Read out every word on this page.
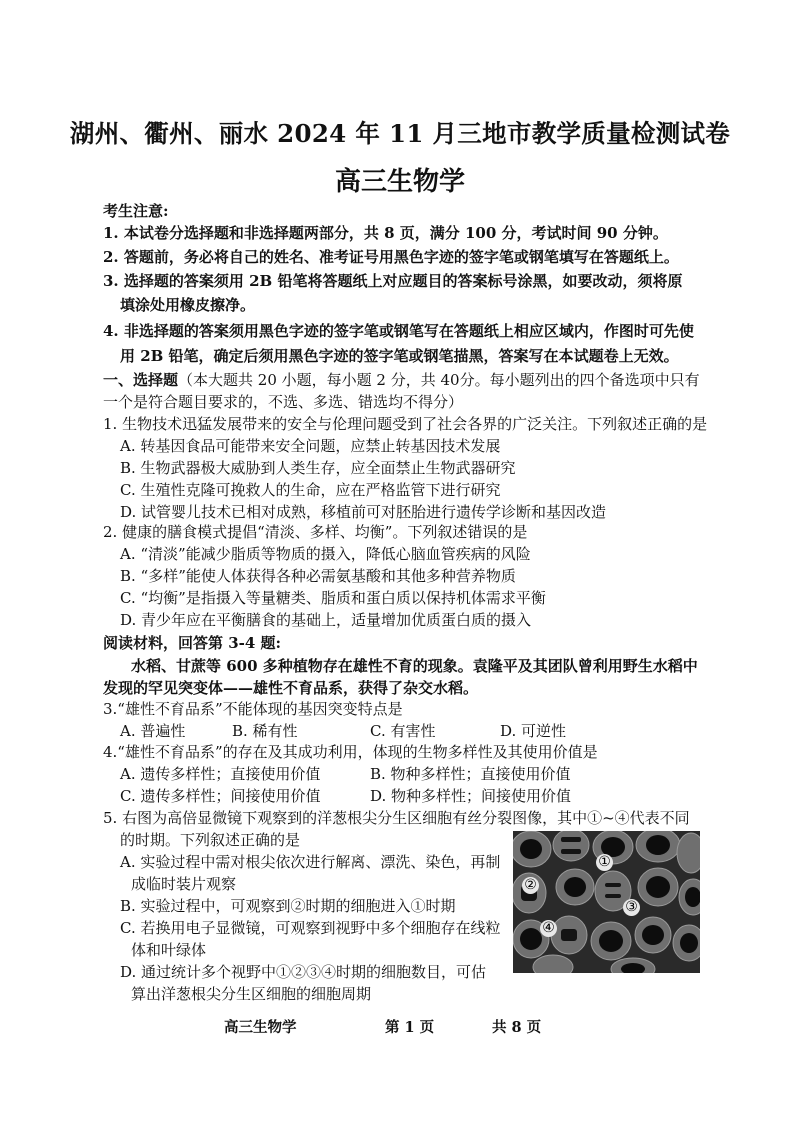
湖州、衢州、丽水 2024 年 11 月三地市教学质量检测试卷
高三生物学
考生注意:
1. 本试卷分选择题和非选择题两部分，共 8 页，满分 100 分，考试时间 90 分钟。
2. 答题前，务必将自己的姓名、准考证号用黑色字迹的签字笔或钢笔填写在答题纸上。
3. 选择题的答案须用 2B 铅笔将答题纸上对应题目的答案标号涂黑，如要改动，须将原
填涂处用橡皮擦净。
4. 非选择题的答案须用黑色字迹的签字笔或钢笔写在答题纸上相应区域内，作图时可先使
用 2B 铅笔，确定后须用黑色字迹的签字笔或钢笔描黑，答案写在本试题卷上无效。
一、选择题（本大题共 20 小题，每小题 2 分，共 40分。每小题列出的四个备选项中只有
一个是符合题目要求的，不选、多选、错选均不得分）
1. 生物技术迅猛发展带来的安全与伦理问题受到了社会各界的广泛关注。下列叙述正确的是
A. 转基因食品可能带来安全问题，应禁止转基因技术发展
B. 生物武器极大威胁到人类生存，应全面禁止生物武器研究
C. 生殖性克隆可挽救人的生命，应在严格监管下进行研究
D. 试管婴儿技术已相对成熟，移植前可对胚胎进行遗传学诊断和基因改造
2. 健康的膳食模式提倡“清淡、多样、均衡”。下列叙述错误的是
A. “清淡”能减少脂质等物质的摄入，降低心脑血管疾病的风险
B. “多样”能使人体获得各种必需氨基酸和其他多种营养物质
C. “均衡”是指摄入等量糖类、脂质和蛋白质以保持机体需求平衡
D. 青少年应在平衡膳食的基础上，适量增加优质蛋白质的摄入
阅读材料，回答第 3-4 题:
水稻、甘蔗等 600 多种植物存在雄性不育的现象。袁隆平及其团队曾利用野生水稻中
发现的罕见突变体——雄性不育品系，获得了杂交水稻。
3.“雄性不育品系”不能体现的基因突变特点是
A. 普遍性	B. 稀有性	C. 有害性	D. 可逆性
4.“雄性不育品系”的存在及其成功利用，体现的生物多样性及其使用价值是
A. 遗传多样性；直接使用价值	B. 物种多样性；直接使用价值
C. 遗传多样性；间接使用价值	D. 物种多样性；间接使用价值
5. 右图为高倍显微镜下观察到的洋葱根尖分生区细胞有丝分裂图像，其中①~④代表不同
的时期。下列叙述正确的是
A. 实验过程中需对根尖依次进行解离、漂洗、染色，再制
成临时装片观察
B. 实验过程中，可观察到②时期的细胞进入①时期
C. 若换用电子显微镜，可观察到视野中多个细胞存在线粒
体和叶绿体
D. 通过统计多个视野中①②③④时期的细胞数目，可估
算出洋葱根尖分生区细胞的细胞周期
①
②
③
④
高三生物学	第 1 页	共 8 页
